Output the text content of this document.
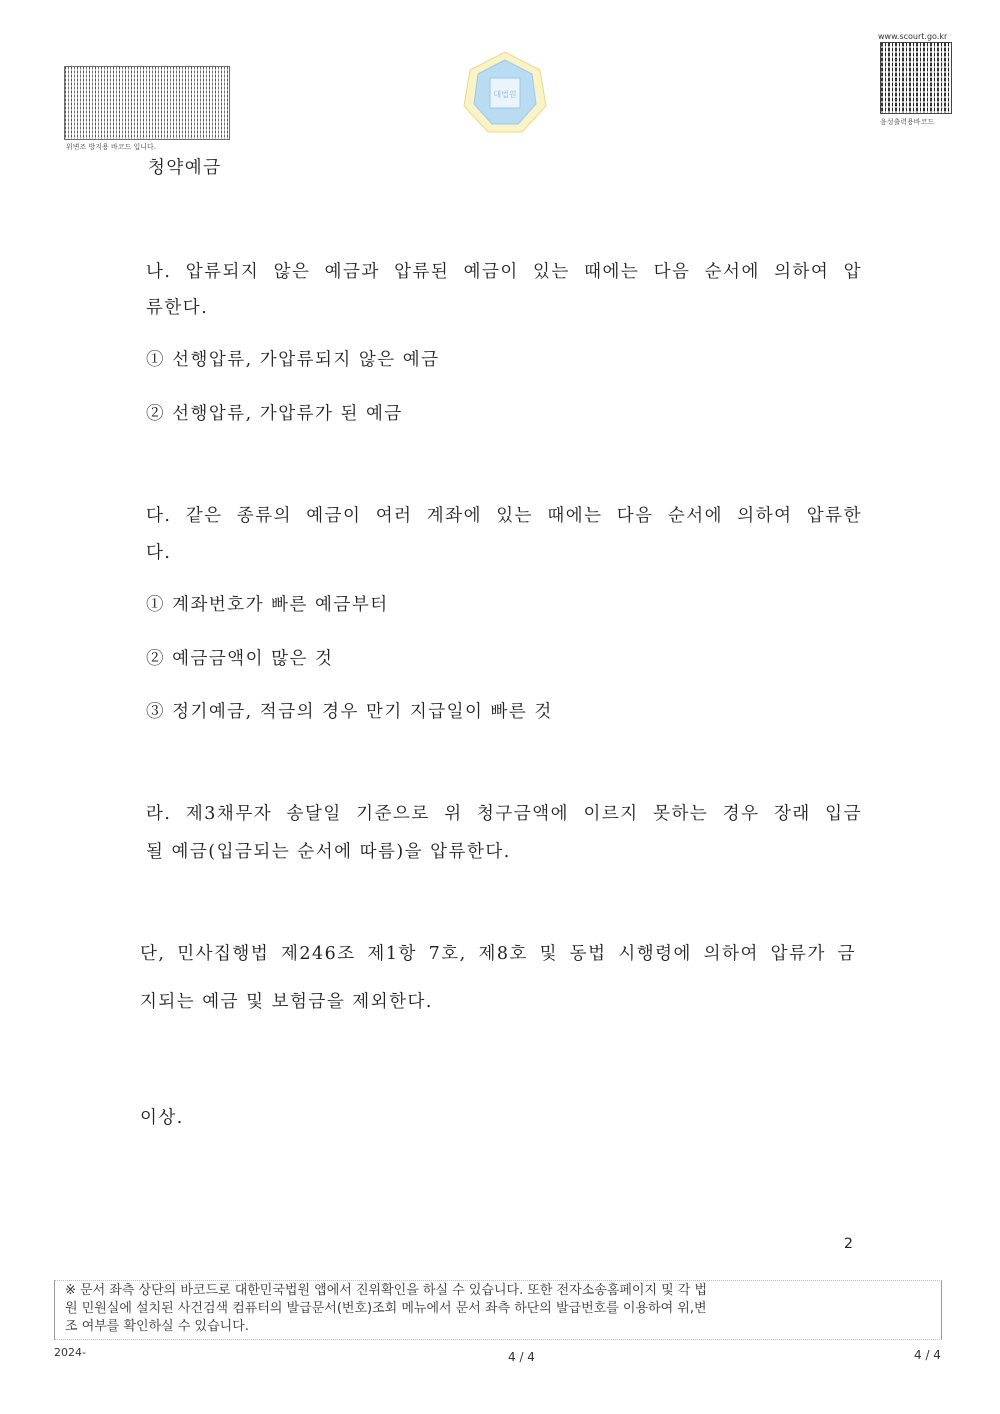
위변조 방지용 바코드 입니다.
대법원
www.scourt.go.kr
음성출력용바코드
청약예금
나. 압류되지 않은 예금과 압류된 예금이 있는 때에는 다음 순서에 의하여 압
류한다.
① 선행압류, 가압류되지 않은 예금
② 선행압류, 가압류가 된 예금
다. 같은 종류의 예금이 여러 계좌에 있는 때에는 다음 순서에 의하여 압류한
다.
① 계좌번호가 빠른 예금부터
② 예금금액이 많은 것
③ 정기예금, 적금의 경우 만기 지급일이 빠른 것
라. 제3채무자 송달일 기준으로 위 청구금액에 이르지 못하는 경우 장래 입금
될 예금(입금되는 순서에 따름)을 압류한다.
단, 민사집행법 제246조 제1항 7호, 제8호 및 동법 시행령에 의하여 압류가 금
지되는 예금 및 보험금을 제외한다.
이상.
2

※ 문서 좌측 상단의 바코드로 대한민국법원 앱에서 진위확인을 하실 수 있습니다. 또한 전자소송홈페이지 및 각 법

원 민원실에 설치된 사건검색 컴퓨터의 발급문서(번호)조회 메뉴에서 문서 좌측 하단의 발급번호를 이용하여 위,변

조 여부를 확인하실 수 있습니다.

2024-	4 / 4	4 / 4
